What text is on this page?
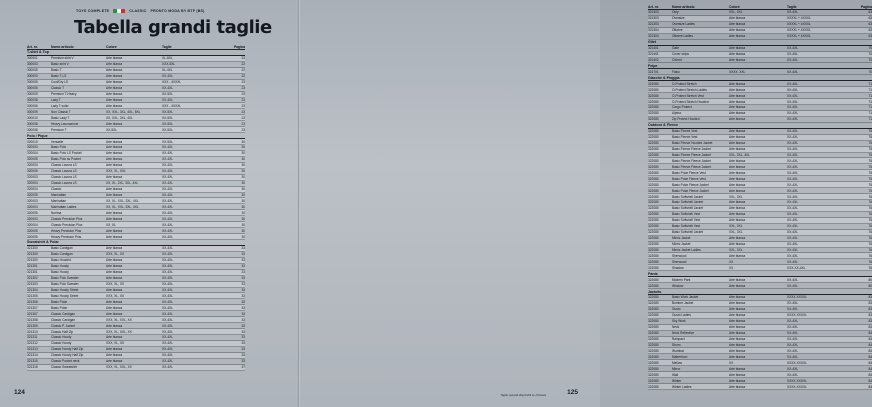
TOYS COMPLETE	CLASSIC PRONTO MODA BY BTF (BS)
Tabella grandi taglie
Art. nr.	Nome articolo	Colore	Taglie	Pagina
T-shirt & Top
300001	Premium shirt V	Arte bianca	XL-5XL	23
300003	Basic shirt V	Arte bianca	XXX-5XL	22
300005	Basic T	Arte bianca	XL-4XL	22
300003	Basic T-LS	Arte bianca	XX-4XL	22
300005	Cool/Dry LS	Arte bianca	XXX - 4XXXL	23
300005	Classic T	Arte bianca	XX-4XL	23
300009	Premium T-Heavy	Arte bianca	XX-5XL	23
300008	Lady T	Arte bianca	XX-4XL	23
300006	Lady T sotto	Arte bianca	XXX - 4XXXL	23
300009	Non Classic T	XX, XXL, 3XL, 4XL, 5XL	XX-5XL	23
300010	Basic Lady T	XX, XXL, 3XL, 4XL	XX-5XL	23
300008	Heavy Lavorazione	Arte bianca	XX-5XL	23
300008	Premium T	XX-5XL	XX-5XL	23
Polo / Pique
320010	Versatile	Arte bianca	XX-5XL	30
320003	Basic Polo	Arte bianca	XX-4XL	30
320004	Basic Polo LS Pocket	Arte bianca	XX-4XL	30
320005	Basic Polo ss Pocket	Arte bianca	XX-4XL	30
320004	Classic Lavora LS	Arte bianca	XX-4XL	30
320005	Classic Lavora LS	XXX, XL, XXL	XX-4XL	30
320003	Classic Lavora LS	Arte bianca	XX-4XL	30
320004	Classic Lavora LS	XX, XL, 2XL, 3XL, 4XL	XX-4XL	30
320004	Classic	Arte bianca	XX-4XL	30
320005	Manhattan	Arte bianca	XX-4XL	30
320003	Manhattan	XX, XL, XXL, 3XL, 4XL	XX-4XL	30
320004	Manhattan Ladies	XX, XL, XXL, 3XL, 4XL	XX-4XL	30
320005	Norima	Arte bianca	XX-4XL	30
320003	Classic Precision Plus	Arte bianca	XX-4XL	30
320004	Classic Precision Plus	XX, XL	XX-4XL	30
320005	Heavy Precision Plus	Arte bianca	XX-4XL	30
320005	Heavy Precision Plus	Arte bianca	XX-4XL	30
Sweatshirt & Polar
321300	Basic Cardigan	Arte bianca	XX-4XL	33
321300	Basic Cardigan	XXX, XL, XX	XX-4XL	33
321300	Basic Hooded	Arte bianca	XX-4XL	33
321301	Basic Hoody	Arte bianca	XX-4XL	33
321301	Basic Hoody	Arte bianca	XX-4XL	33
321302	Basic Polo Sweater	Arte bianca	XX-4XL	33
321303	Basic Polo Sweater	XXX, XL, XX	XX-4XL	33
321304	Basic Hoody Street	Arte bianca	XX-4XL	33
321305	Basic Hoody Street	XXX, XL, XX	XX-4XL	33
321306	Basic Polar	Arte bianca	XX-4XL	33
321307	Basic Polar	Arte bianca	XX-4XL	33
321307	Classic Cardigan	Arte bianca	XX-4XL	33
321308	Classic Cardigan	XXX, XL, XXL, XX	XX-4XL	33
321309	Classic P. Jacket	Arte bianca	XX-4XL	33
321310	Classic Half Zip	XXX, XL, XXL, XX	XX-4XL	33
321311	Classic Hoody	Arte bianca	XX-4XL	33
321312	Classic Hoody	XXX, XL, XX	XX-4XL	33
321313	Classic Hoody Half Zip	Arte bianca	XX-4XL	33
321314	Classic Hoody Half Zip	Arte bianca	XX-4XL	33
321315	Classic Pocket neck	Arte bianca	XX-4XL	33
321316	Classic Sweatshirt	XXX, XL, XXL, XX	XX-4XL	37
124
Art. nr.	Nome articolo	Colore	Taglie	Pagina
321303	Ooly	XXL, 3XL	XX-4XL	63
321303	Oversize	Arte bianca	XXXXL + 4XXXL	63
321303	Oversize Ladies	Arte bianca	XXXXL + 4XXXL	63
321304	Ottobre	Arte bianca	XXXXL + 4XXXL	63
321304	Ottobre Ladies	Arte bianca	XXXXL + 4XXXL	63
Gilet
321401	Gate	Arte bianca	XX-4XL	70
321401	Cover strips	Arte bianca	XX-4XL	70
321402	Oxford	Arte bianca	XX-4XL	70
Felpe
321701	Falco	XXXX, XXL	XX-4XL	70
Giacche & Pioggia
322080	O-Protect Stretch	Arte bianca	XX-4XL	71
322080	O-Protect Stretch Ladies	Arte bianca	XX-4XL	71
322080	O-Protect Stretch Vest	Arte bianca	XX-4XL	71
322080	O-Protect Stretch Hooded	Arte bianca	XX-4XL	71
322080	Cargo Protect	Arte bianca	XX-4XL	71
322080	Alpina	Arte bianca	XX-4XL	71
322080	Zip Protect Hooded	Arte bianca	XX-4XL	71
Outdoor & Fleece
322080	Basic Fleece Vest	Arte bianca	XX-4XL	75
322080	Basic Fleece Vest	Arte bianca	XX-4XL	75
322080	Basic Fleece Hooded Jacket	Arte bianca	XX-4XL	75
322080	Basic Fleece Fleece Jacket	Arte bianca	XX-4XL	75
322080	Basic Fleece Fleece Jacket	XXL, 3XL, 4XL	XX-4XL	75
322080	Basic Fleece Fleece Jacket	Arte bianca	XX-4XL	75
322080	Basic Fleece Fleece Jacket	Arte bianca	XX-4XL	75
322080	Basic Polar Fleece Vest	Arte bianca	XX-4XL	75
322080	Basic Polar Fleece Vest	Arte bianca	XX-4XL	75
322080	Basic Polar Fleece Jacket	Arte bianca	XX-4XL	75
322080	Basic Polar Fleece Jacket	Arte bianca	XX-4XL	75
322080	Basic Softshell Jacket	XXL, 3XL	XX-4XL	76
322080	Basic Softshell Jacket	Arte bianca	XX-4XL	76
322080	Basic Softshell Jacket	Arte bianca	XX-4XL	76
322080	Basic Softshell Vest	Arte bianca	XX-4XL	76
322080	Basic Softshell Vest	Arte bianca	XX-4XL	76
322080	Basic Softshell Vest	XXL, 3XL	XX-4XL	76
322080	Basic Softshell Jacket	XXL, 3XL	XX-4XL	76
322080	Mimic Jacket	Arte bianca	XX-4XL	76
322080	Mimic Jacket	Arte bianca	XX-4XL	76
322080	Mimic Jacket Ladies	XXL, 3XL	XX-4XL	76
322080	Sherwood	Arte bianca	XX-4XL	76
322080	Sherwood	XX	XX-4XL	76
322080	Shadow	XX	XXX-XX-4XL	76
Pants
322080	Modern Pant	Arte bianca	XX-4XL	80
322080	Window	Arte bianca	XX-4XL	80
Jackets
322080	Basic Work Jacket	Arte bianca	XXXX-XXXXL	83
322080	Bomber Jacket	Arte bianca	XX-4XL	83
322080	Gusto	Arte bianca	XX-4XL	83
322080	Gusto Ladies	Arte bianca	XXXX-XXXXL	83
322080	Sky Work	Arte bianca	XX-4XL	83
322080	Neck	Arte bianca	XX-4XL	84
322080	Neck Reflective	Arte bianca	XX-4XL	84
322080	Rainpact	Arte bianca	XX-4XL	84
322080	Storm	Arte bianca	XX-4XL	84
322080	Wombat	Arte bianca	XX-4XL	84
322080	Matterhorn	Arte bianca	XX-4XL	84
322080	Mellow	XX	XXXX-XXXXL	84
322080	Mirror	Arte bianca	XX-4XL	84
322080	Wall	Arte bianca	XX-4XL	84
322080	Winter	Arte bianca	XXXX-XXXXL	84
322080	Winter Ladies	Arte bianca	XXXX-XXXXL	84
Taglie speciali disponibili su richiesta	125
